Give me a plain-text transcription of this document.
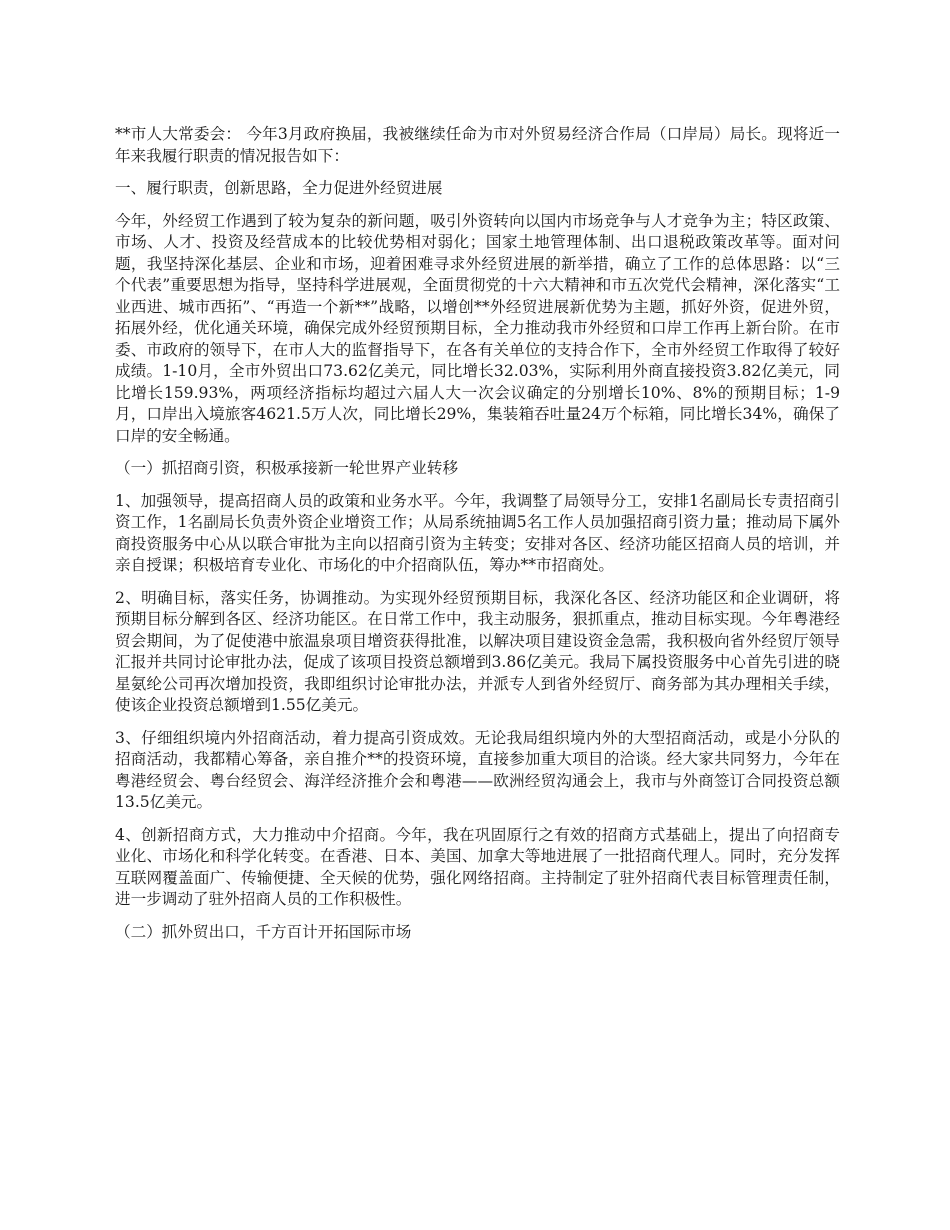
**市人大常委会： 今年3月政府换届，我被继续任命为市对外贸易经济合作局（口岸局）局长。现将近一年来我履行职责的情况报告如下：

一、履行职责，创新思路，全力促进外经贸进展

今年，外经贸工作遇到了较为复杂的新问题，吸引外资转向以国内市场竞争与人才竞争为主；特区政策、市场、人才、投资及经营成本的比较优势相对弱化；国家土地管理体制、出口退税政策改革等。面对问题，我坚持深化基层、企业和市场，迎着困难寻求外经贸进展的新举措，确立了工作的总体思路：以“三个代表”重要思想为指导，坚持科学进展观，全面贯彻党的十六大精神和市五次党代会精神，深化落实“工业西进、城市西拓”、“再造一个新**”战略，以增创**外经贸进展新优势为主题，抓好外资，促进外贸，拓展外经，优化通关环境，确保完成外经贸预期目标，全力推动我市外经贸和口岸工作再上新台阶。在市委、市政府的领导下，在市人大的监督指导下，在各有关单位的支持合作下，全市外经贸工作取得了较好成绩。1-10月，全市外贸出口73.62亿美元，同比增长32.03%，实际利用外商直接投资3.82亿美元，同比增长159.93%，两项经济指标均超过六届人大一次会议确定的分别增长10%、8%的预期目标；1-9月，口岸出入境旅客4621.5万人次，同比增长29%，集装箱吞吐量24万个标箱，同比增长34%，确保了口岸的安全畅通。

（一）抓招商引资，积极承接新一轮世界产业转移

1、加强领导，提高招商人员的政策和业务水平。今年，我调整了局领导分工，安排1名副局长专责招商引资工作，1名副局长负责外资企业增资工作；从局系统抽调5名工作人员加强招商引资力量；推动局下属外商投资服务中心从以联合审批为主向以招商引资为主转变；安排对各区、经济功能区招商人员的培训，并亲自授课；积极培育专业化、市场化的中介招商队伍，筹办**市招商处。

2、明确目标，落实任务，协调推动。为实现外经贸预期目标，我深化各区、经济功能区和企业调研，将预期目标分解到各区、经济功能区。在日常工作中，我主动服务，狠抓重点，推动目标实现。今年粤港经贸会期间，为了促使港中旅温泉项目增资获得批准，以解决项目建设资金急需，我积极向省外经贸厅领导汇报并共同讨论审批办法，促成了该项目投资总额增到3.86亿美元。我局下属投资服务中心首先引进的晓星氨纶公司再次增加投资，我即组织讨论审批办法，并派专人到省外经贸厅、商务部为其办理相关手续，使该企业投资总额增到1.55亿美元。

3、仔细组织境内外招商活动，着力提高引资成效。无论我局组织境内外的大型招商活动，或是小分队的招商活动，我都精心筹备，亲自推介**的投资环境，直接参加重大项目的洽谈。经大家共同努力，今年在粤港经贸会、粤台经贸会、海洋经济推介会和粤港——欧洲经贸沟通会上，我市与外商签订合同投资总额13.5亿美元。

4、创新招商方式，大力推动中介招商。今年，我在巩固原行之有效的招商方式基础上，提出了向招商专业化、市场化和科学化转变。在香港、日本、美国、加拿大等地进展了一批招商代理人。同时，充分发挥互联网覆盖面广、传输便捷、全天候的优势，强化网络招商。主持制定了驻外招商代表目标管理责任制，进一步调动了驻外招商人员的工作积极性。

（二）抓外贸出口，千方百计开拓国际市场
